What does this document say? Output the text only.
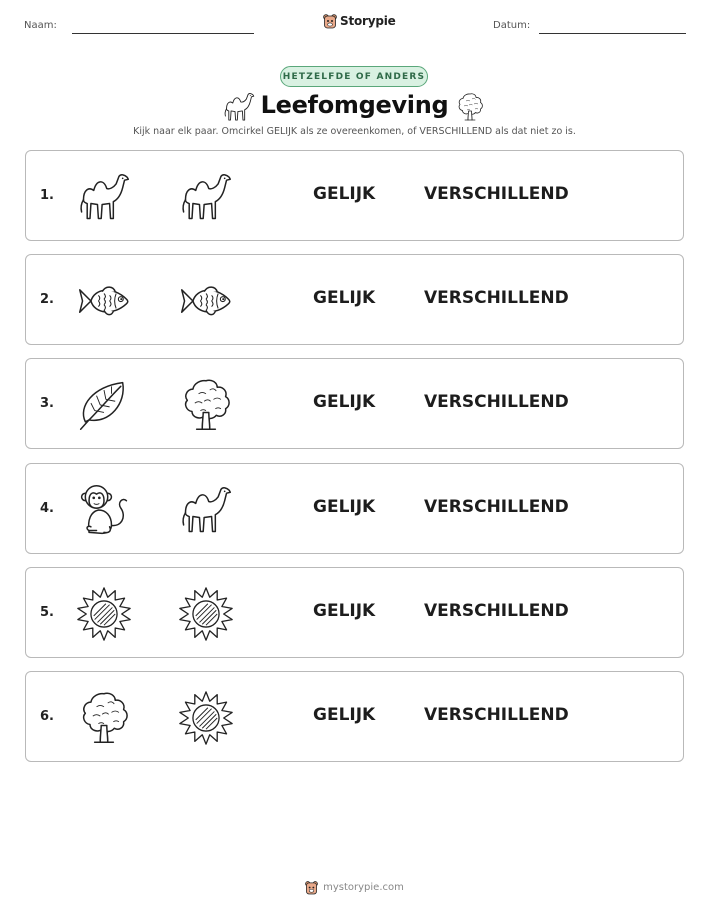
Naam:	Storypie	Datum:
HETZELFDE OF ANDERS
Leefomgeving
Kijk naar elk paar. Omcirkel GELIJK als ze overeenkomen, of VERSCHILLEND als dat niet zo is.
1.	GELIJK	VERSCHILLEND
2.	GELIJK	VERSCHILLEND
3.	GELIJK	VERSCHILLEND
4.	GELIJK	VERSCHILLEND
5.	GELIJK	VERSCHILLEND
6.	GELIJK	VERSCHILLEND
mystorypie.com
